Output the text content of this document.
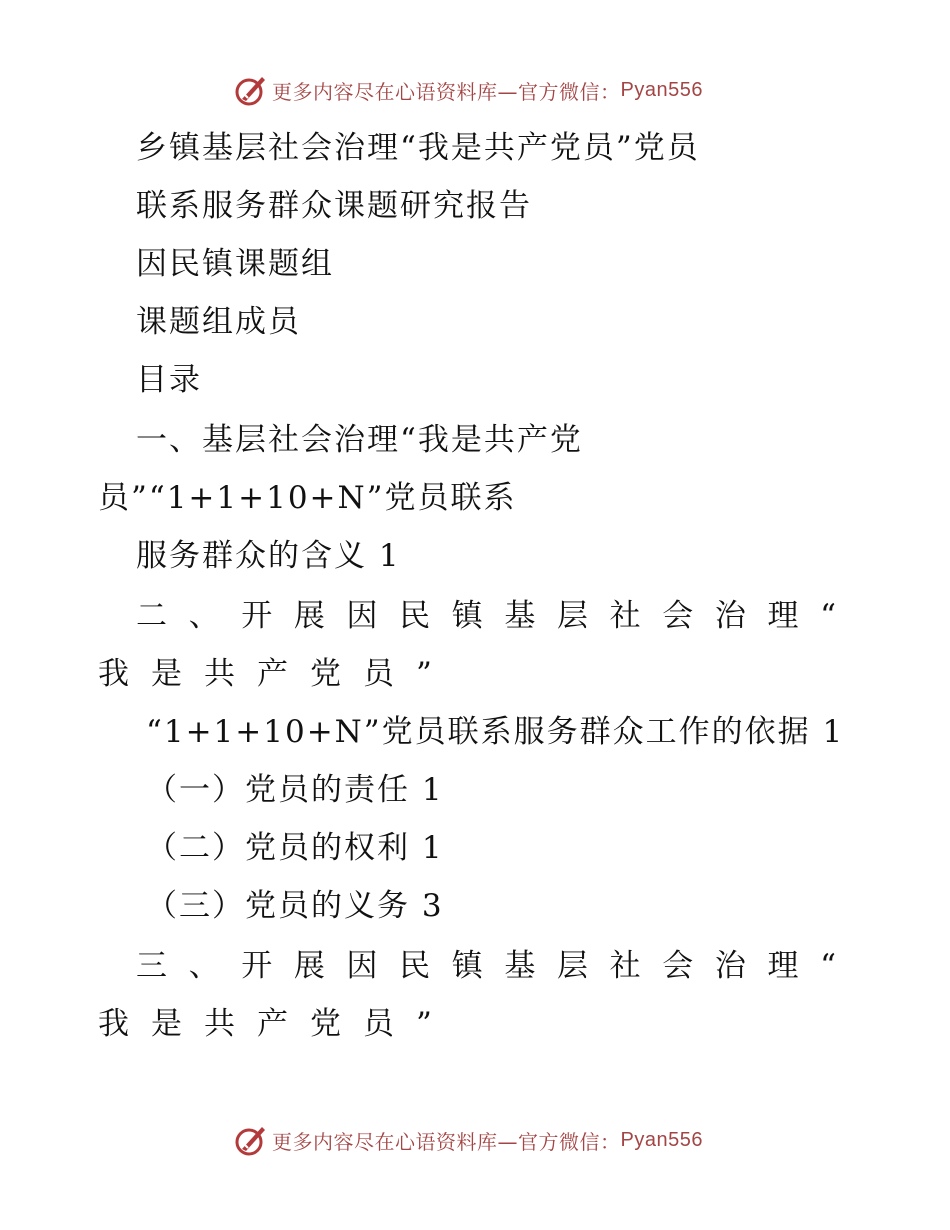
更多内容尽在心语资料库—官方微信： Pyan556

乡镇基层社会治理“我是共产党员”党员

联系服务群众课题研究报告

因民镇课题组

课题组成员

目录

一、基层社会治理“我是共产党

员”“1+1+10+N”党员联系

服务群众的含义 1

二 、 开 展 因 民 镇 基 层 社 会 治 理 “

我是共产党员”

“1+1+10+N”党员联系服务群众工作的依据 1

（一）党员的责任 1

（二）党员的权利 1

（三）党员的义务 3

三 、 开 展 因 民 镇 基 层 社 会 治 理 “

我是共产党员”

更多内容尽在心语资料库—官方微信： Pyan556
